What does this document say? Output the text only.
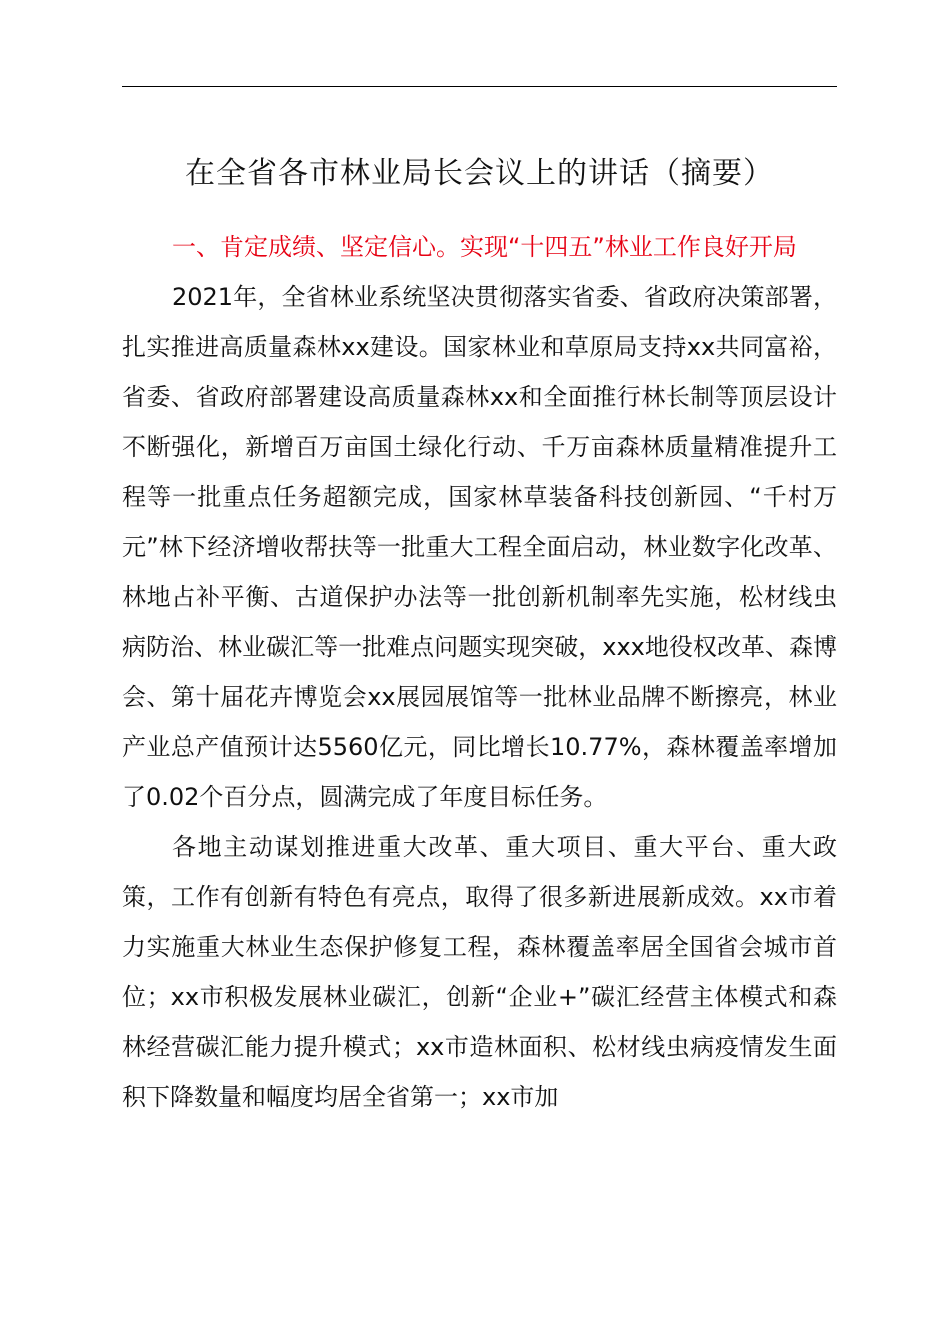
在全省各市林业局长会议上的讲话（摘要）
一、肯定成绩、坚定信心。实现“十四五”林业工作良好开局

2021年，全省林业系统坚决贯彻落实省委、省政府决策部署，扎实推进高质量森林xx建设。国家林业和草原局支持xx共同富裕，省委、省政府部署建设高质量森林xx和全面推行林长制等顶层设计不断强化，新增百万亩国土绿化行动、千万亩森林质量精准提升工程等一批重点任务超额完成，国家林草装备科技创新园、“千村万元”林下经济增收帮扶等一批重大工程全面启动，林业数字化改革、林地占补平衡、古道保护办法等一批创新机制率先实施，松材线虫病防治、林业碳汇等一批难点问题实现突破，xxx地役权改革、森博会、第十届花卉博览会xx展园展馆等一批林业品牌不断擦亮，林业产业总产值预计达5560亿元，同比增长10.77%，森林覆盖率增加了0.02个百分点，圆满完成了年度目标任务。

各地主动谋划推进重大改革、重大项目、重大平台、重大政策，工作有创新有特色有亮点，取得了很多新进展新成效。xx市着力实施重大林业生态保护修复工程，森林覆盖率居全国省会城市首位；xx市积极发展林业碳汇，创新“企业+”碳汇经营主体模式和森林经营碳汇能力提升模式；xx市造林面积、松材线虫病疫情发生面积下降数量和幅度均居全省第一；xx市加
